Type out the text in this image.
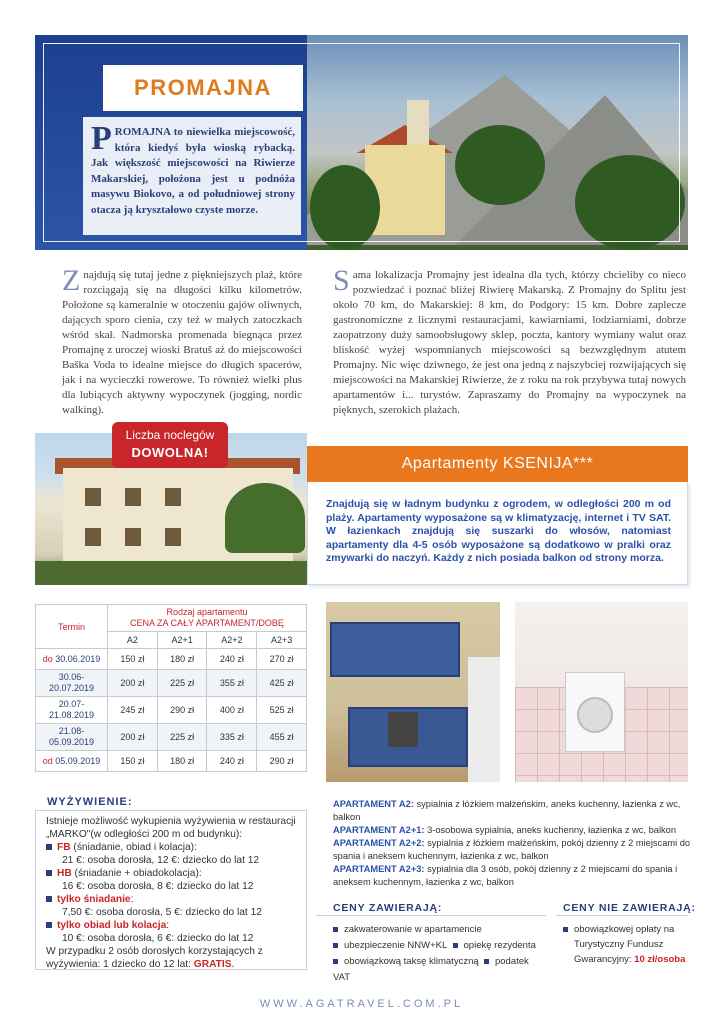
PROMAJNA
PROMAJNA to niewielka miejscowość, która kiedyś była wioską rybacką. Jak większość miejscowości na Riwierze Makarskiej, położona jest u podnóża masywu Biokovo, a od południowej strony otacza ją kryształowo czyste morze.
Znajdują się tutaj jedne z piękniejszych plaż, które rozciągają się na długości kilku kilometrów. Położone są kameralnie w otoczeniu gajów oliwnych, dających sporo cienia, czy też w małych zatoczkach wśród skał. Nadmorska promenada biegnąca przez Promajnę z uroczej wioski Bratuš aż do miejscowości Baška Voda to idealne miejsce do długich spacerów, jak i na wycieczki rowerowe. To również wielki plus dla lubiących aktywny wypoczynek (jogging, nordic walking).
Sama lokalizacja Promajny jest idealna dla tych, którzy chcieliby co nieco pozwiedzać i poznać bliżej Riwierę Makarską. Z Promajny do Splitu jest około 70 km, do Makarskiej: 8 km, do Podgory: 15 km. Dobre zaplecze gastronomiczne z licznymi restauracjami, kawiarniami, lodziarniami, dobrze zaopatrzony duży samoobsługowy sklep, poczta, kantory wymiany walut oraz bliskość wyżej wspomnianych miejscowości są bezwzględnym atutem Promajny. Nic więc dziwnego, że jest ona jedną z najszybciej rozwijających się miejscowości na Makarskiej Riwierze, że z roku na rok przybywa tutaj nowych apartamentów i... turystów. Zapraszamy do Promajny na wypoczynek na pięknych, szerokich plażach.
Liczba noclegów
DOWOLNA!
Apartamenty KSENIJA***
Znajdują się w ładnym budynku z ogrodem, w odległości 200 m od plaży. Apartamenty wyposażone są w klimatyzację, internet i TV SAT. W łazienkach znajdują się suszarki do włosów, natomiast apartamenty dla 4-5 osób wyposażone są dodatkowo w pralki oraz zmywarki do naczyń. Każdy z nich posiada balkon od strony morza.
Termin	Rodzaj apartamentu
CENA ZA CAŁY APARTAMENT/DOBĘ			

	A2	A2+1	A2+2	A2+3
do 30.06.2019	150 zł	180 zł	240 zł	270 zł
30.06-
20.07.2019	200 zł	225 zł	355 zł	425 zł
20.07-
21.08.2019	245 zł	290 zł	400 zł	525 zł
21.08-
05.09.2019	200 zł	225 zł	335 zł	455 zł
od 05.09.2019	150 zł	180 zł	240 zł	290 zł
WYŻYWIENIE:
Istnieje możliwość wykupienia wyżywienia w restauracji „MARKO"(w odległości 200 m od budynku):
FB (śniadanie, obiad i kolacja):
21 €: osoba dorosła, 12 €: dziecko do lat 12
HB (śniadanie + obiadokolacja):
16 €: osoba dorosła, 8 €: dziecko do lat 12
tylko śniadanie:
7,50 €: osoba dorosła, 5 €: dziecko do lat 12
tylko obiad lub kolacja:
10 €: osoba dorosła, 6 €: dziecko do lat 12
W przypadku 2 osób dorosłych korzystających z wyżywienia: 1 dziecko do 12 lat: GRATIS.
APARTAMENT A2: sypialnia z łóżkiem małżeńskim, aneks kuchenny, łazienka z wc, balkon
APARTAMENT A2+1: 3-osobowa sypialnia, aneks kuchenny, łazienka z wc, balkon
APARTAMENT A2+2: sypialnia z łóżkiem małżeńskim, pokój dzienny z 2 miejscami do spania i aneksem kuchennym, łazienka z wc, balkon
APARTAMENT A2+3: sypialnia dla 3 osób, pokój dzienny z 2 miejscami do spania i aneksem kuchennym, łazienka z wc, balkon
CENY ZAWIERAJĄ:
zakwaterowanie w apartamencie
ubezpieczenie NNW+KL opiekę rezydenta
obowiązkową taksę klimatyczną podatek VAT
CENY NIE ZAWIERAJĄ:
obowiązkowej opłaty na
Turystyczny Fundusz
Gwarancyjny: 10 zł/osoba
WWW.AGATRAVEL.COM.PL
